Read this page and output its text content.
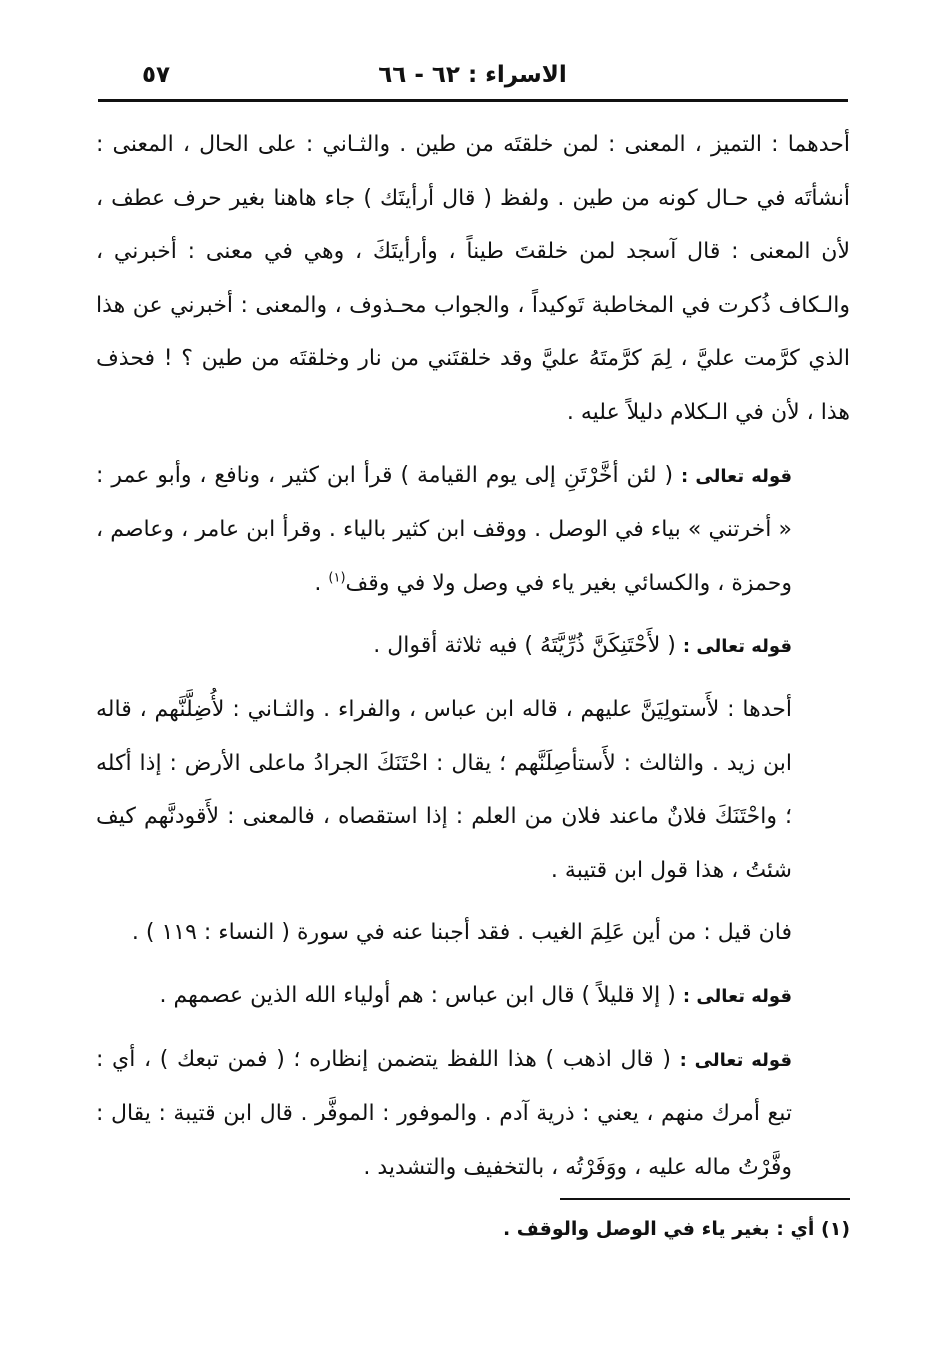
الاسراء : ٦٢ - ٦٦
٥٧

أحدهما : التميز ، المعنى : لمن خلقتَه من طين . والثـاني : على الحال ، المعنى : أنشأتَه في حـال كونه من طين . ولفظ ( قال أرأيتَك ) جاء هاهنا بغير حرف عطف ، لأن المعنى : قال آسجد لمن خلقتَ طيناً ، وأرأيتَكَ ، وهي في معنى : أخبرني ، والـكاف ذُكرت في المخاطبة تَوكيداً ، والجواب محـذوف ، والمعنى : أخبرني عن هذا الذي كرَّمت عليَّ ، لِمَ كرَّمتَهُ عليَّ وقد خلقتَني من نار وخلقتَه من طين ؟ ! فحذف هذا ، لأن في الـكلام دليلاً عليه .

قوله تعالى : ( لئن أخَّرْتَنِ إلى يوم القيامة ) قرأ ابن كثير ، ونافع ، وأبو عمر : « أخرتني » بياء في الوصل . ووقف ابن كثير بالياء . وقرأ ابن عامر ، وعاصم ، وحمزة ، والكسائي بغير ياء في وصل ولا في وقف$^{(١)}$ .

قوله تعالى : ( لأَحْتَنِكَنَّ ذُرِّيَّتَهُ ) فيه ثلاثة أقوال .

أحدها : لأَستولِيَنَّ عليهم ، قاله ابن عباس ، والفراء . والثـاني : لأُضِلَّنَّهم ، قاله ابن زيد . والثالث : لأَستأصِلَنَّهم ؛ يقال : احْتَنَكَ الجرادُ ماعلى الأرض : إذا أكله ؛ واحْتَنَكَ فلانٌ ماعند فلان من العلم : إذا استقصاه ، فالمعنى : لأَقودنَّهم كيف شئتُ ، هذا قول ابن قتيبة .

فان قيل : من أين عَلِمَ الغيب . فقد أجبنا عنه في سورة ( النساء : ١١٩ ) .

قوله تعالى : ( إلا قليلاً ) قال ابن عباس : هم أولياء الله الذين عصمهم .

قوله تعالى : ( قال اذهب ) هذا اللفظ يتضمن إنظاره ؛ ( فمن تبعك ) ، أي : تبع أمرك منهم ، يعني : ذرية آدم . والموفور : الموفَّر . قال ابن قتيبة : يقال : وفَّرْتُ ماله عليه ، ووَفَرْتُه ، بالتخفيف والتشديد .

(١) أي : بغير ياء في الوصل والوقف .
